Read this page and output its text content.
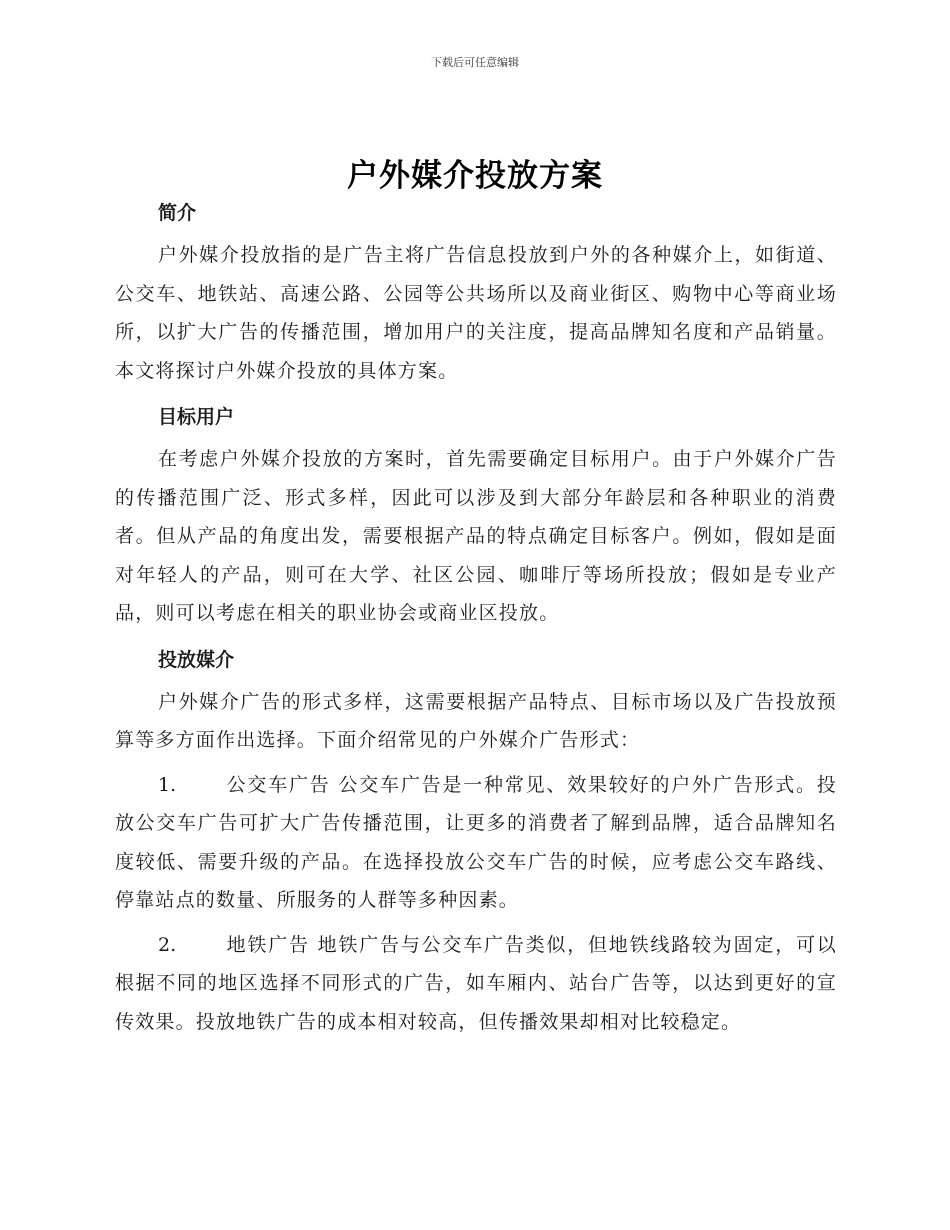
下载后可任意编辑
户外媒介投放方案
简介

户外媒介投放指的是广告主将广告信息投放到户外的各种媒介上，如街道、公交车、地铁站、高速公路、公园等公共场所以及商业街区、购物中心等商业场所，以扩大广告的传播范围，增加用户的关注度，提高品牌知名度和产品销量。本文将探讨户外媒介投放的具体方案。

目标用户

在考虑户外媒介投放的方案时，首先需要确定目标用户。由于户外媒介广告的传播范围广泛、形式多样，因此可以涉及到大部分年龄层和各种职业的消费者。但从产品的角度出发，需要根据产品的特点确定目标客户。例如，假如是面对年轻人的产品，则可在大学、社区公园、咖啡厅等场所投放；假如是专业产品，则可以考虑在相关的职业协会或商业区投放。

投放媒介

户外媒介广告的形式多样，这需要根据产品特点、目标市场以及广告投放预算等多方面作出选择。下面介绍常见的户外媒介广告形式：

1.	公交车广告 公交车广告是一种常见、效果较好的户外广告形式。投放公交车广告可扩大广告传播范围，让更多的消费者了解到品牌，适合品牌知名度较低、需要升级的产品。在选择投放公交车广告的时候，应考虑公交车路线、停靠站点的数量、所服务的人群等多种因素。

2.	地铁广告 地铁广告与公交车广告类似，但地铁线路较为固定，可以根据不同的地区选择不同形式的广告，如车厢内、站台广告等，以达到更好的宣传效果。投放地铁广告的成本相对较高，但传播效果却相对比较稳定。
